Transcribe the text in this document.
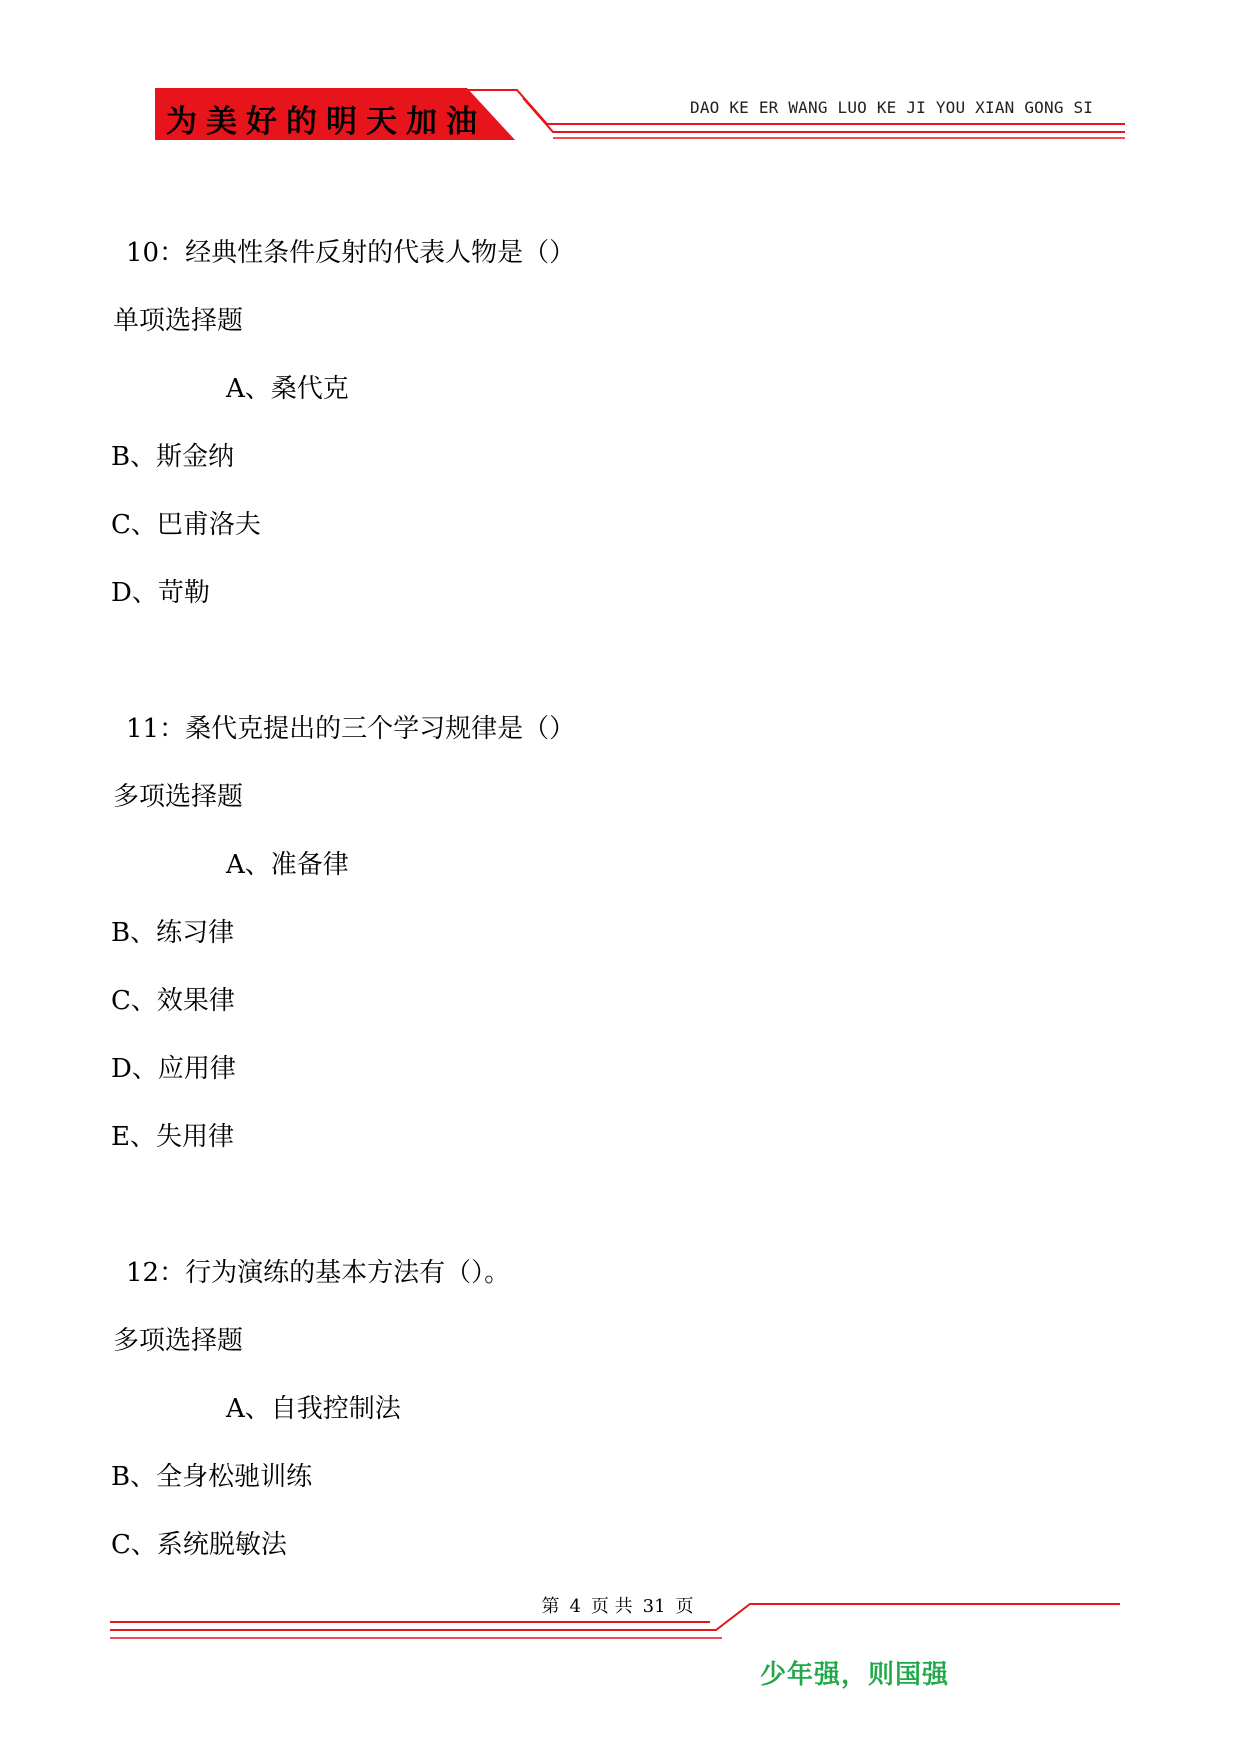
为美好的明天加油	DAO KE ER WANG LUO KE JI YOU XIAN GONG SI
10：经典性条件反射的代表人物是（）
单项选择题
A、桑代克
B、斯金纳
C、巴甫洛夫
D、苛勒
11：桑代克提出的三个学习规律是（）
多项选择题
A、准备律
B、练习律
C、效果律
D、应用律
E、失用律
12：行为演练的基本方法有（）。
多项选择题
A、自我控制法
B、全身松驰训练
C、系统脱敏法
第 4 页 共 31 页
少年强，则国强
